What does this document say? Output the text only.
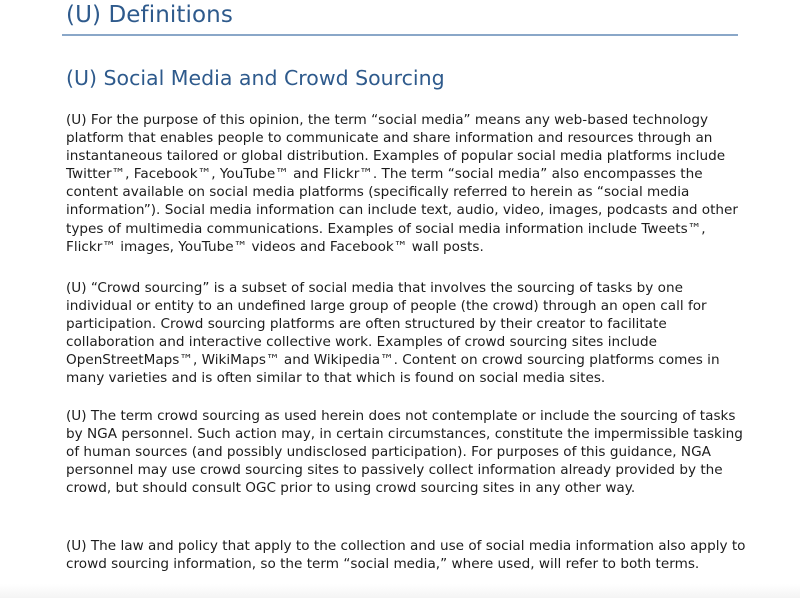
(U) Definitions
(U) Social Media and Crowd Sourcing

(U) For the purpose of this opinion, the term “social media” means any web-based technology platform that enables people to communicate and share information and resources through an instantaneous tailored or global distribution. Examples of popular social media platforms include Twitter™, Facebook™, YouTube™ and Flickr™. The term “social media” also encompasses the content available on social media platforms (specifically referred to herein as “social media information”). Social media information can include text, audio, video, images, podcasts and other types of multimedia communications. Examples of social media information include Tweets™, Flickr™ images, YouTube™ videos and Facebook™ wall posts.

(U) “Crowd sourcing” is a subset of social media that involves the sourcing of tasks by one individual or entity to an undefined large group of people (the crowd) through an open call for participation. Crowd sourcing platforms are often structured by their creator to facilitate collaboration and interactive collective work. Examples of crowd sourcing sites include OpenStreetMaps™, WikiMaps™ and Wikipedia™. Content on crowd sourcing platforms comes in many varieties and is often similar to that which is found on social media sites.

(U) The term crowd sourcing as used herein does not contemplate or include the sourcing of tasks by NGA personnel. Such action may, in certain circumstances, constitute the impermissible tasking of human sources (and possibly undisclosed participation). For purposes of this guidance, NGA personnel may use crowd sourcing sites to passively collect information already provided by the crowd, but should consult OGC prior to using crowd sourcing sites in any other way.

(U) The law and policy that apply to the collection and use of social media information also apply to crowd sourcing information, so the term “social media,” where used, will refer to both terms.
